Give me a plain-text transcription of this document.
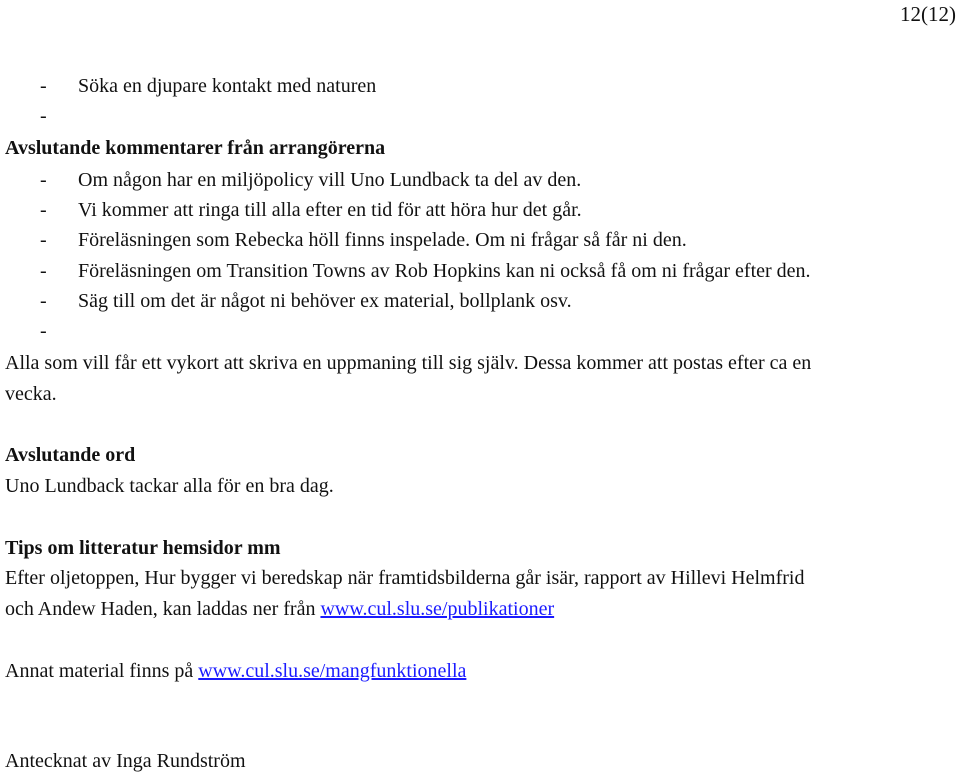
12(12)
- Söka en djupare kontakt med naturen
-
Avslutande kommentarer från arrangörerna
- Om någon har en miljöpolicy vill Uno Lundback ta del av den.
- Vi kommer att ringa till alla efter en tid för att höra hur det går.
- Föreläsningen som Rebecka höll finns inspelade. Om ni frågar så får ni den.
- Föreläsningen om Transition Towns av Rob Hopkins kan ni också få om ni frågar efter den.
- Säg till om det är något ni behöver ex material, bollplank osv.
-
Alla som vill får ett vykort att skriva en uppmaning till sig själv. Dessa kommer att postas efter ca en
vecka.
Avslutande ord
Uno Lundback tackar alla för en bra dag.
Tips om litteratur hemsidor mm
Efter oljetoppen, Hur bygger vi beredskap när framtidsbilderna går isär, rapport av Hillevi Helmfrid
och Andew Haden, kan laddas ner från www.cul.slu.se/publikationer
Annat material finns på www.cul.slu.se/mangfunktionella
Antecknat av Inga Rundström
